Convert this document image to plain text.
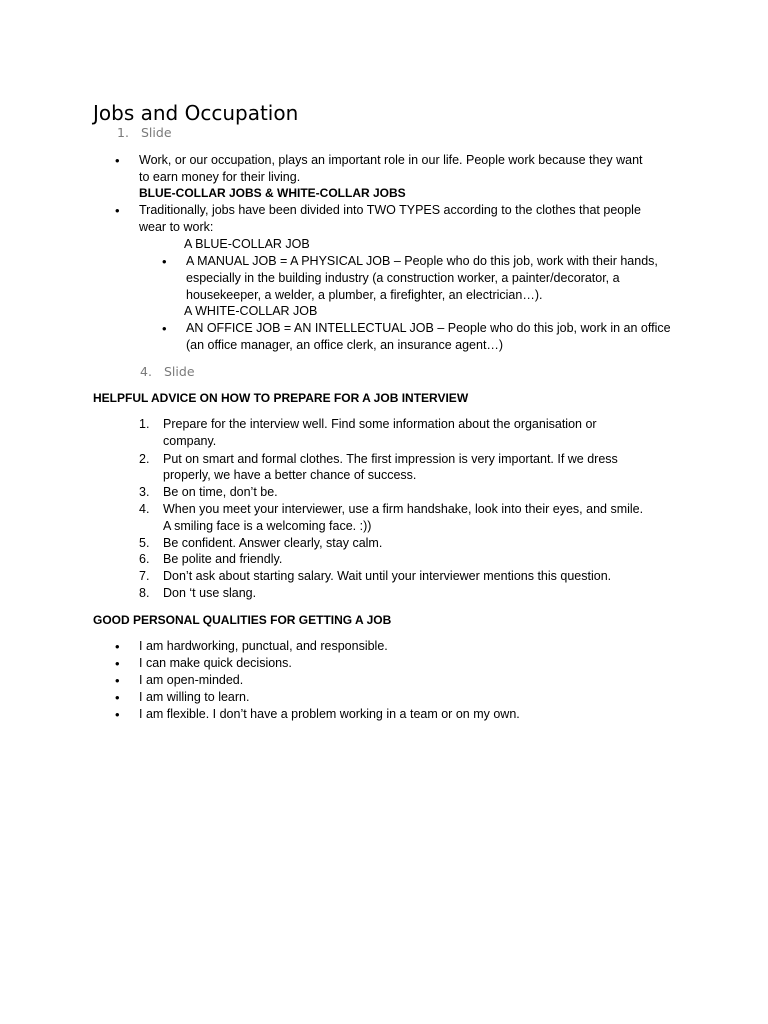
Jobs and Occupation
1. Slide
• Work, or our occupation, plays an important role in our life. People work because they want
to earn money for their living.
BLUE-COLLAR JOBS & WHITE-COLLAR JOBS
• Traditionally, jobs have been divided into TWO TYPES according to the clothes that people
wear to work:
A BLUE-COLLAR JOB
• A MANUAL JOB = A PHYSICAL JOB – People who do this job, work with their hands,
especially in the building industry (a construction worker, a painter/decorator, a
housekeeper, a welder, a plumber, a firefighter, an electrician…).
A WHITE-COLLAR JOB
• AN OFFICE JOB = AN INTELLECTUAL JOB – People who do this job, work in an office
(an office manager, an office clerk, an insurance agent…)
4. Slide
HELPFUL ADVICE ON HOW TO PREPARE FOR A JOB INTERVIEW
1. Prepare for the interview well. Find some information about the organisation or
company.
2. Put on smart and formal clothes. The first impression is very important. If we dress
properly, we have a better chance of success.
3. Be on time, don’t be.
4. When you meet your interviewer, use a firm handshake, look into their eyes, and smile.
A smiling face is a welcoming face. :))
5. Be confident. Answer clearly, stay calm.
6. Be polite and friendly.
7. Don’t ask about starting salary. Wait until your interviewer mentions this question.
8. Don ‘t use slang.
GOOD PERSONAL QUALITIES FOR GETTING A JOB
• I am hardworking, punctual, and responsible.
• I can make quick decisions.
• I am open-minded.
• I am willing to learn.
• I am flexible. I don’t have a problem working in a team or on my own.
